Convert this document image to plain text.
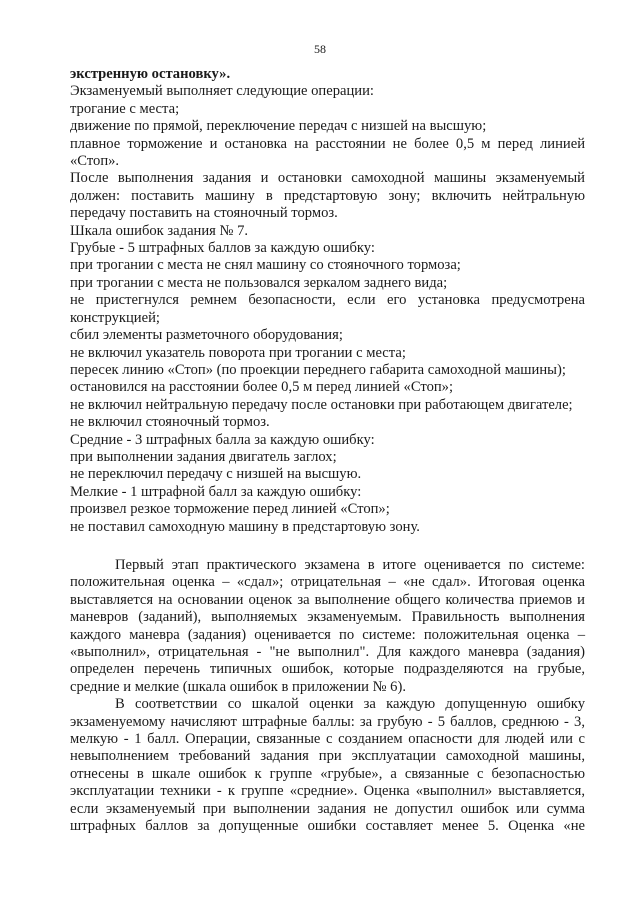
58
экстренную остановку».
Экзаменуемый выполняет следующие операции:
трогание с места;
движение по прямой, переключение передач с низшей на высшую;
плавное торможение и остановка на расстоянии не более 0,5 м перед линией
«Стоп».
После выполнения задания и остановки самоходной машины экзаменуемый
должен: поставить машину в предстартовую зону; включить нейтральную
передачу поставить на стояночный тормоз.
Шкала ошибок задания № 7.
Грубые - 5 штрафных баллов за каждую ошибку:
при трогании с места не снял машину со стояночного тормоза;
при трогании с места не пользовался зеркалом заднего вида;
не пристегнулся ремнем безопасности, если его установка предусмотрена
конструкцией;
сбил элементы разметочного оборудования;
не включил указатель поворота при трогании с места;
пересек линию «Стоп» (по проекции переднего габарита самоходной машины);
остановился на расстоянии более 0,5 м перед линией «Стоп»;
не включил нейтральную передачу после остановки при работающем двигателе;
не включил стояночный тормоз.
Средние - 3 штрафных балла за каждую ошибку:
при выполнении задания двигатель заглох;
не переключил передачу с низшей на высшую.
Мелкие - 1 штрафной балл за каждую ошибку:
произвел резкое торможение перед линией «Стоп»;
не поставил самоходную машину в предстартовую зону.
Первый этап практического экзамена в итоге оценивается по системе:
положительная оценка – «сдал»; отрицательная – «не сдал». Итоговая оценка
выставляется на основании оценок за выполнение общего количества приемов и
маневров (заданий), выполняемых экзаменуемым. Правильность выполнения
каждого маневра (задания) оценивается по системе: положительная оценка –
«выполнил», отрицательная - "не выполнил". Для каждого маневра (задания)
определен перечень типичных ошибок, которые подразделяются на грубые,
средние и мелкие (шкала ошибок в приложении № 6).
В соответствии со шкалой оценки за каждую допущенную ошибку
экзаменуемому начисляют штрафные баллы: за грубую - 5 баллов, среднюю - 3,
мелкую - 1 балл. Операции, связанные с созданием опасности для людей или с
невыполнением требований задания при эксплуатации самоходной машины,
отнесены в шкале ошибок к группе «грубые», а связанные с безопасностью
эксплуатации техники - к группе «средние». Оценка «выполнил» выставляется,
если экзаменуемый при выполнении задания не допустил ошибок или сумма
штрафных баллов за допущенные ошибки составляет менее 5. Оценка «не
